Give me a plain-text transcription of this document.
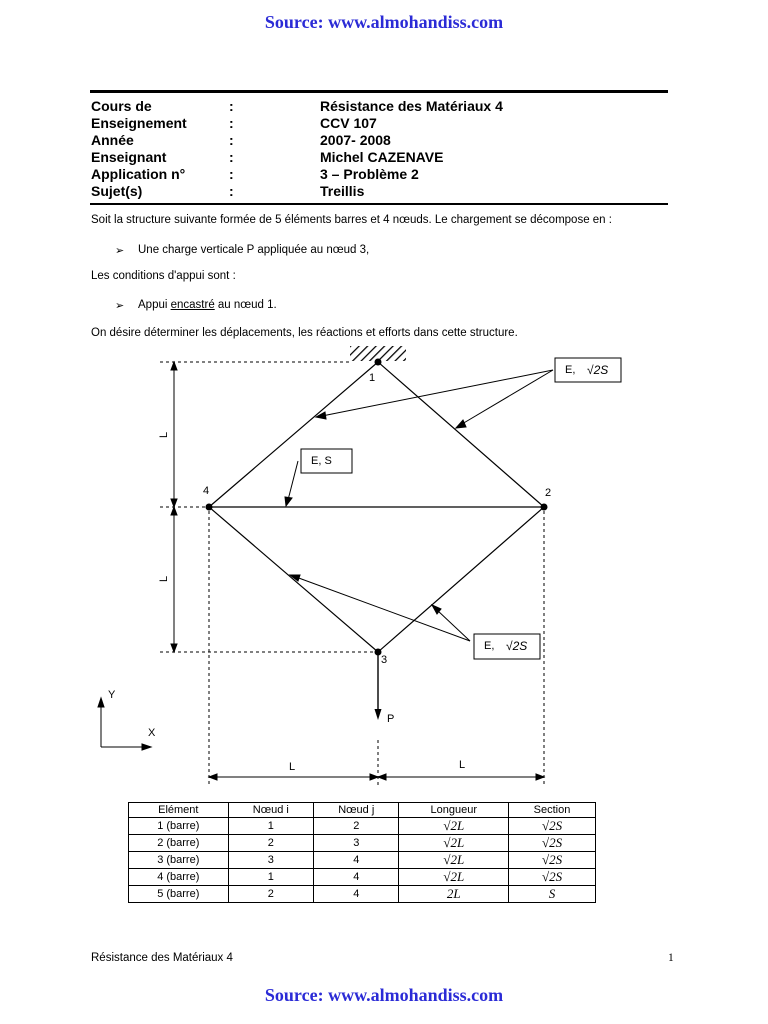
Source: www.almohandiss.com
Cours de	:	Résistance des Matériaux 4
Enseignement	:	CCV 107
Année	:	2007- 2008
Enseignant	:	Michel CAZENAVE
Application n°	:	3 – Problème 2
Sujet(s)	:	Treillis
Soit la structure suivante formée de 5 éléments barres et 4 nœuds. Le chargement se décompose en :
➢ Une charge verticale P appliquée au nœud 3,
Les conditions d'appui sont :
➢ Appui encastré au nœud 1.
On désire déterminer les déplacements, les réactions et efforts dans cette structure.
1
2
3
4
L
L
L	L
P
Y
X
E, √2S
E, S
E, √2S
Elément	Nœud i	Nœud j	Longueur	Section
1 (barre)	1	2	√2L	√2S
2 (barre)	2	3	√2L	√2S
3 (barre)	3	4	√2L	√2S
4 (barre)	1	4	√2L	√2S
5 (barre)	2	4	2L	S
Résistance des Matériaux 4	1
Source: www.almohandiss.com
